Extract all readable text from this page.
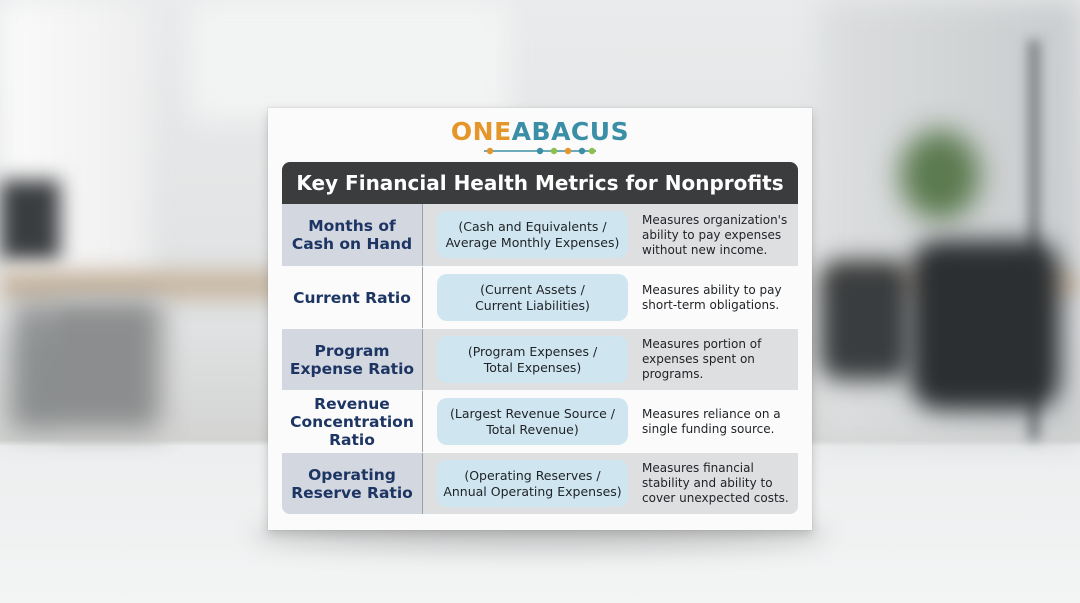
ONEABACUS
Key Financial Health Metrics for Nonprofits
Months of
Cash on Hand
(Cash and Equivalents /
Average Monthly Expenses)
Measures organization's
ability to pay expenses
without new income.
Current Ratio	(Current Assets /
Current Liabilities)
Measures ability to pay
short-term obligations.
Program
Expense Ratio
(Program Expenses /
Total Expenses)
Measures portion of
expenses spent on
programs.
Revenue
Concentration
Ratio
(Largest Revenue Source /
Total Revenue)
Measures reliance on a
single funding source.
Operating
Reserve Ratio
(Operating Reserves /
Annual Operating Expenses)
Measures financial
stability and ability to
cover unexpected costs.
